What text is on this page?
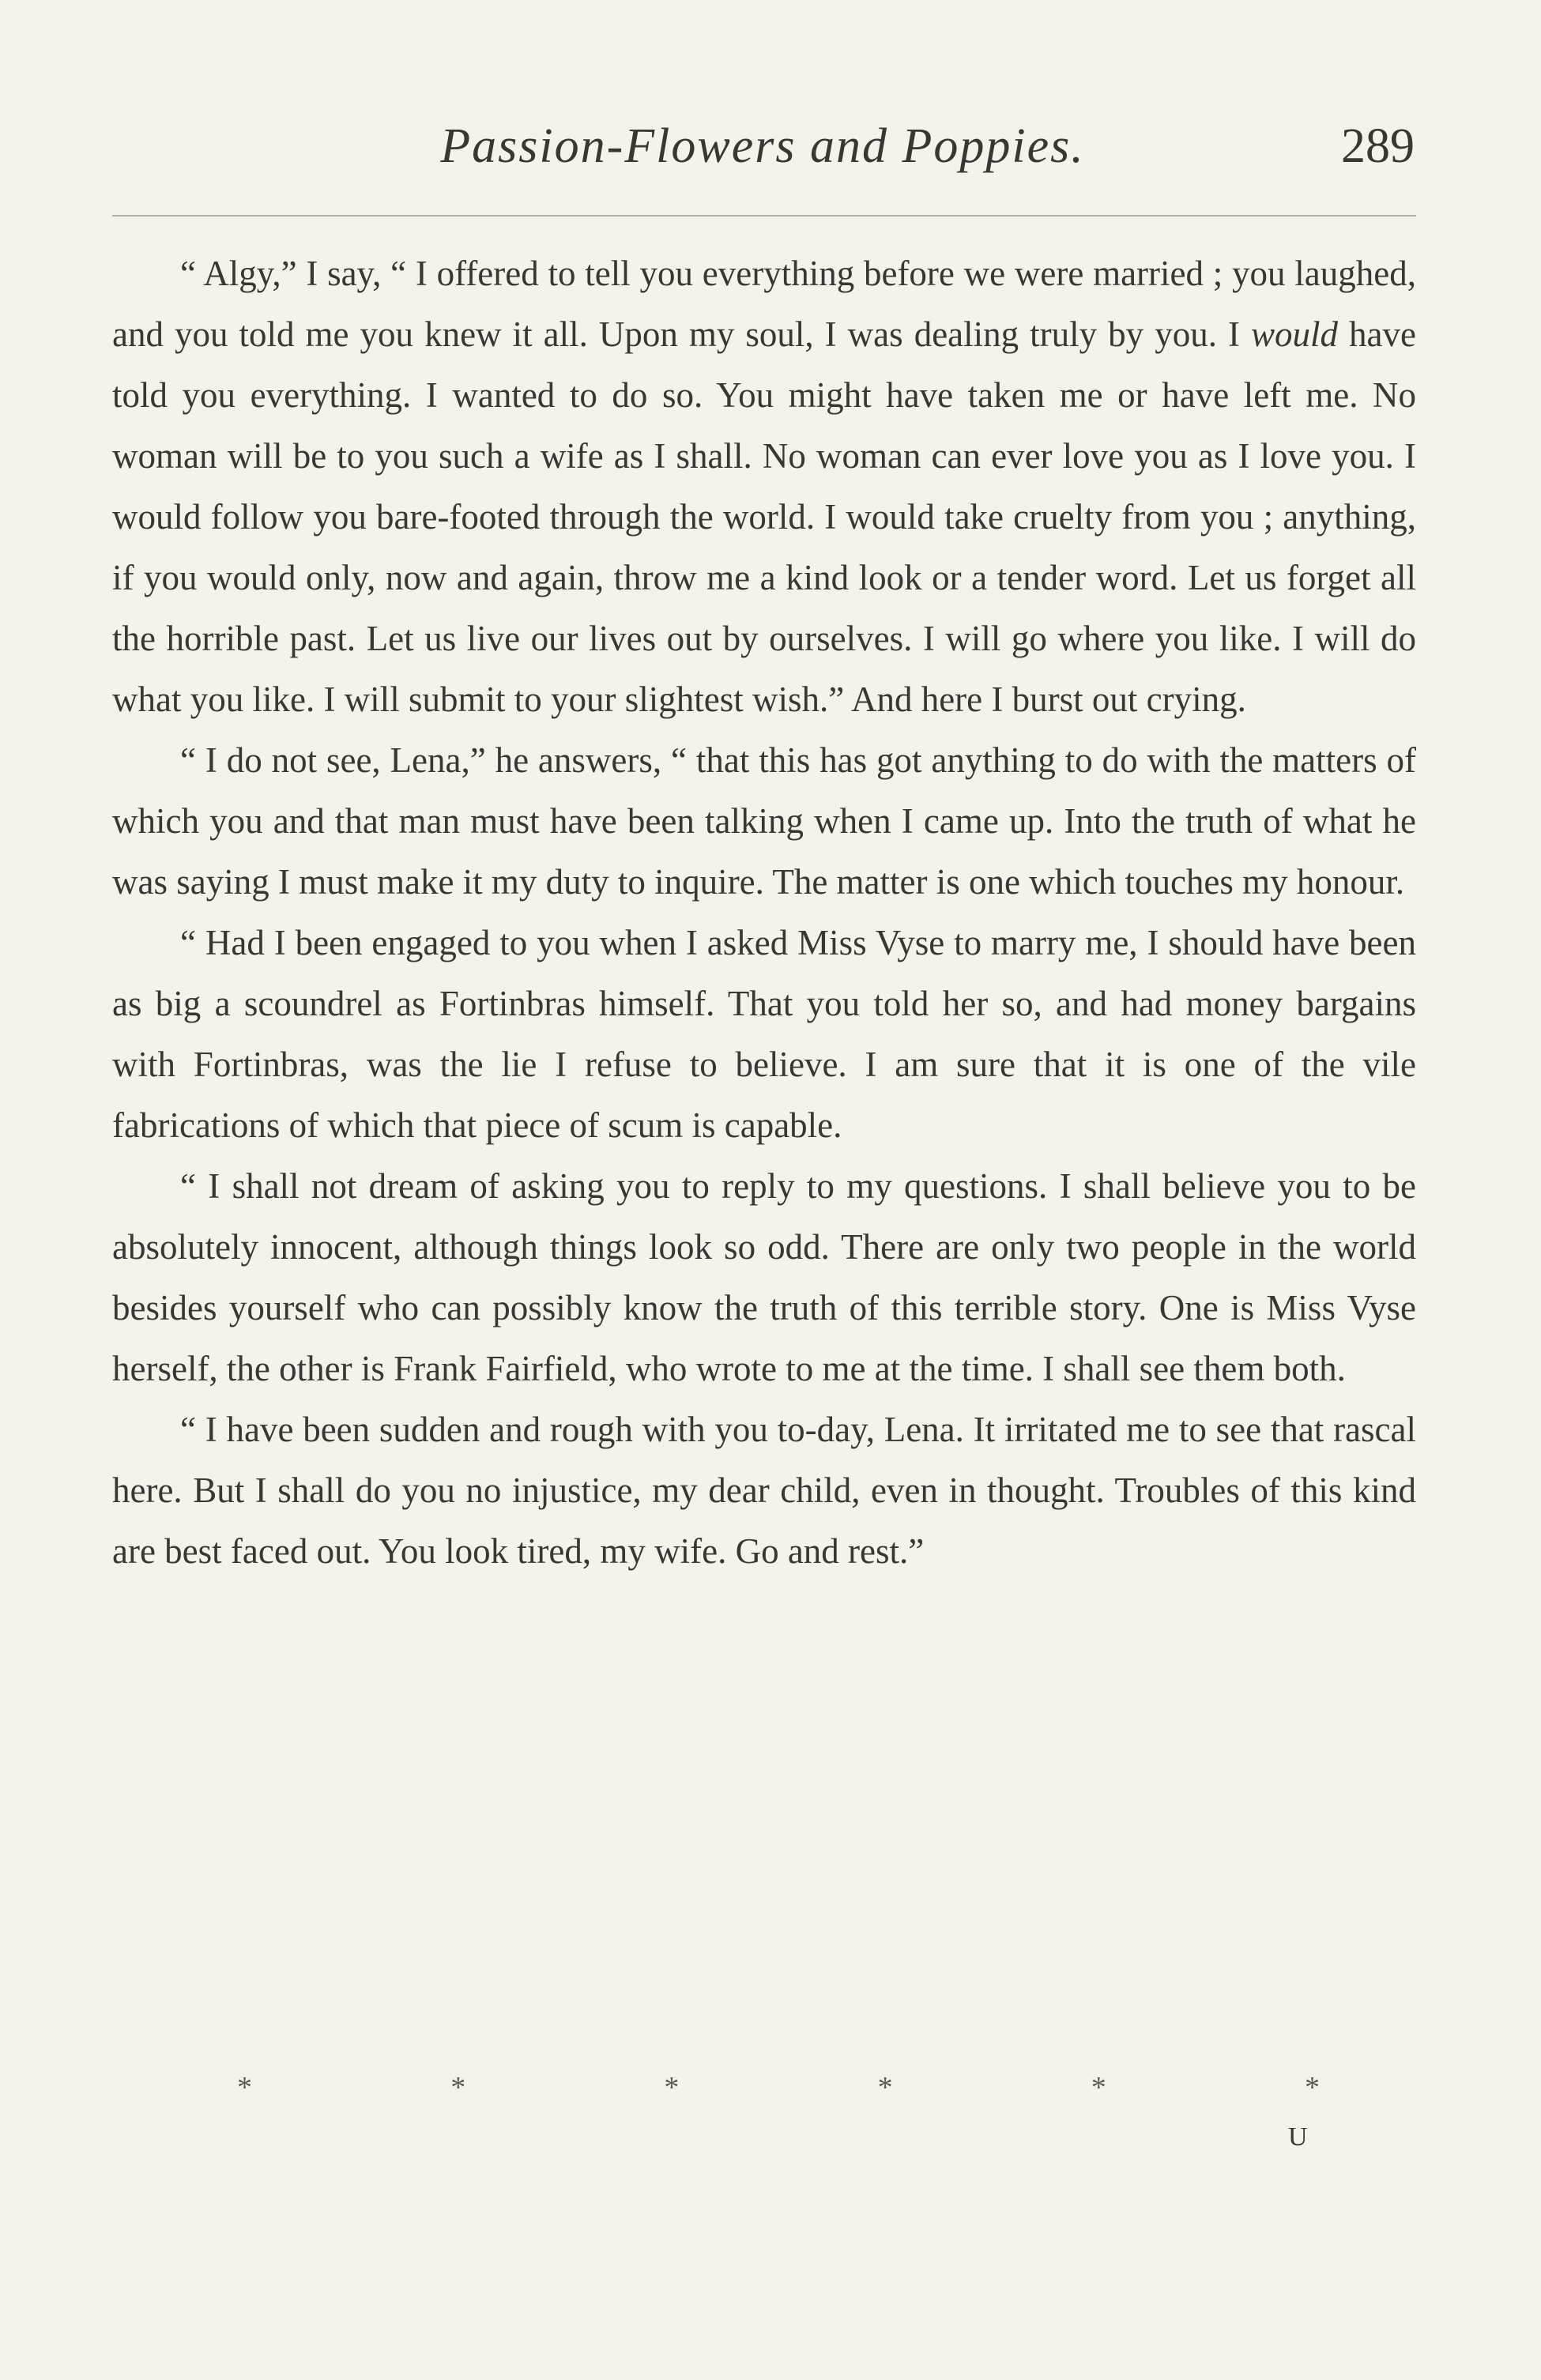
Passion-Flowers and Poppies.	289

“ Algy,” I say, “ I offered to tell you everything before we were married ; you laughed, and you told me you knew it all. Upon my soul, I was dealing truly by you. I would have told you everything. I wanted to do so. You might have taken me or have left me. No woman will be to you such a wife as I shall. No woman can ever love you as I love you. I would follow you bare-footed through the world. I would take cruelty from you ; anything, if you would only, now and again, throw me a kind look or a tender word. Let us forget all the horrible past. Let us live our lives out by ourselves. I will go where you like. I will do what you like. I will submit to your slightest wish.” And here I burst out crying.

“ I do not see, Lena,” he answers, “ that this has got anything to do with the matters of which you and that man must have been talking when I came up. Into the truth of what he was saying I must make it my duty to inquire. The matter is one which touches my honour.

“ Had I been engaged to you when I asked Miss Vyse to marry me, I should have been as big a scoundrel as Fortinbras himself. That you told her so, and had money bargains with Fortinbras, was the lie I refuse to believe. I am sure that it is one of the vile fabrications of which that piece of scum is capable.

“ I shall not dream of asking you to reply to my questions. I shall believe you to be absolutely innocent, although things look so odd. There are only two people in the world besides yourself who can possibly know the truth of this terrible story. One is Miss Vyse herself, the other is Frank Fairfield, who wrote to me at the time. I shall see them both.

“ I have been sudden and rough with you to-day, Lena. It irritated me to see that rascal here. But I shall do you no injustice, my dear child, even in thought. Troubles of this kind are best faced out. You look tired, my wife. Go and rest.”

*	*	*	*	*	*
U
